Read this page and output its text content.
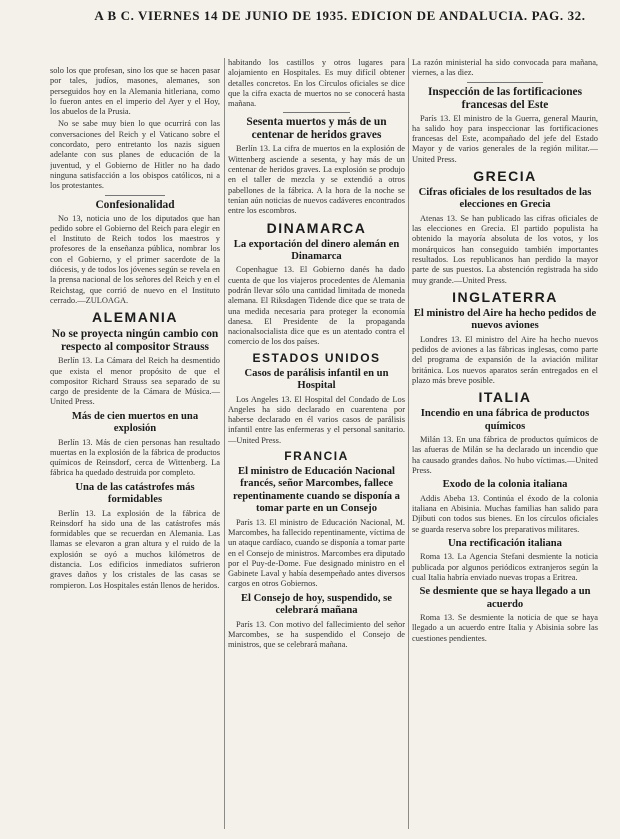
A B C. VIERNES 14 DE JUNIO DE 1935. EDICION DE ANDALUCIA. PAG. 32.

solo los que profesan, sino los que se hacen pasar por tales, judíos, masones, alemanes, son perseguidos hoy en la Alemania hitleriana, como lo fueron antes en el imperio del Ayer y el Hoy, los abuelos de la Prusia.

No se sabe muy bien lo que ocurrirá con las conversaciones del Reich y el Vaticano sobre el concordato, pero entretanto los nazis siguen adelante con sus planes de educación de la juventud, y el Gobierno de Hitler no ha dado ninguna satisfacción a los obispos católicos, ni a los protestantes.

Confesionalidad

No 13, noticia uno de los diputados que han pedido sobre el Gobierno del Reich para elegir en el Instituto de Reich todos los maestros y profesores de la enseñanza pública, nombrar los con el Gobierno, y el primer sacerdote de la diócesis, y de todos los jóvenes según se revela en la prensa nacional de los señores del Reich y en el Reichstag, que corrió de nuevo en el Instituto cerrado.—ZULOAGA.

ALEMANIA
No se proyecta ningún cambio con respecto al compositor Strauss

Berlín 13. La Cámara del Reich ha desmentido que exista el menor propósito de que el compositor Richard Strauss sea separado de su cargo de presidente de la Cámara de Música.—United Press.

Más de cien muertos en una explosión

Berlín 13. Más de cien personas han resultado muertas en la explosión de la fábrica de productos químicos de Reinsdorf, cerca de Wittenberg. La fábrica ha quedado destruida por completo.

Una de las catástrofes más formidables

Berlín 13. La explosión de la fábrica de Reinsdorf ha sido una de las catástrofes más formidables que se recuerdan en Alemania. Las llamas se elevaron a gran altura y el ruido de la explosión se oyó a muchos kilómetros de distancia. Los edificios inmediatos sufrieron graves daños y los cristales de las casas se rompieron. Los Hospitales están llenos de heridos.

habitando los castillos y otros lugares para alojamiento en Hospitales. Es muy difícil obtener detalles concretos. En los Círculos oficiales se dice que la cifra exacta de muertos no se conocerá hasta mañana.

Sesenta muertos y más de un centenar de heridos graves

Berlín 13. La cifra de muertos en la explosión de Wittenberg asciende a sesenta, y hay más de un centenar de heridos graves. La explosión se produjo en el taller de mezcla y se extendió a otros pabellones de la fábrica. A la hora de la noche se tenían aún noticias de nuevos cadáveres encontrados entre los escombros.

DINAMARCA
La exportación del dinero alemán en Dinamarca

Copenhague 13. El Gobierno danés ha dado cuenta de que los viajeros procedentes de Alemania podrán llevar sólo una cantidad limitada de moneda alemana. El Riksdagen Tidende dice que se trata de una medida necesaria para proteger la economía danesa. El Presidente de la propaganda nacionalsocialista dice que es un atentado contra el comercio de los dos países.

ESTADOS UNIDOS
Casos de parálisis infantil en un Hospital

Los Angeles 13. El Hospital del Condado de Los Angeles ha sido declarado en cuarentena por haberse declarado en él varios casos de parálisis infantil entre las enfermeras y el personal sanitario.—United Press.

FRANCIA
El ministro de Educación Nacional francés, señor Marcombes, fallece repentinamente cuando se disponía a tomar parte en un Consejo

París 13. El ministro de Educación Nacional, M. Marcombes, ha fallecido repentinamente, víctima de un ataque cardíaco, cuando se disponía a tomar parte en el Consejo de ministros. Marcombes era diputado por el Puy-de-Dome. Fue designado ministro en el Gabinete Laval y había desempeñado antes diversos cargos en otros Gobiernos.

El Consejo de hoy, suspendido, se celebrará mañana

París 13. Con motivo del fallecimiento del señor Marcombes, se ha suspendido el Consejo de ministros, que se celebrará mañana.

La razón ministerial ha sido convocada para mañana, viernes, a las diez.

Inspección de las fortificaciones francesas del Este

París 13. El ministro de la Guerra, general Maurin, ha salido hoy para inspeccionar las fortificaciones francesas del Este, acompañado del jefe del Estado Mayor y de varios generales de la región militar.—United Press.

GRECIA
Cifras oficiales de los resultados de las elecciones en Grecia

Atenas 13. Se han publicado las cifras oficiales de las elecciones en Grecia. El partido populista ha obtenido la mayoría absoluta de los votos, y los monárquicos han conseguido también importantes resultados. Los republicanos han perdido la mayor parte de sus puestos. La abstención registrada ha sido muy grande.—United Press.

INGLATERRA
El ministro del Aire ha hecho pedidos de nuevos aviones

Londres 13. El ministro del Aire ha hecho nuevos pedidos de aviones a las fábricas inglesas, como parte del programa de expansión de la aviación militar británica. Los nuevos aparatos serán entregados en el plazo más breve posible.

ITALIA
Incendio en una fábrica de productos químicos

Milán 13. En una fábrica de productos químicos de las afueras de Milán se ha declarado un incendio que ha causado grandes daños. No hubo víctimas.—United Press.

Exodo de la colonia italiana

Addis Abeba 13. Continúa el éxodo de la colonia italiana en Abisinia. Muchas familias han salido para Djibuti con todos sus bienes. En los círculos oficiales se guarda reserva sobre los preparativos militares.

Una rectificación italiana

Roma 13. La Agencia Stefani desmiente la noticia publicada por algunos periódicos extranjeros según la cual Italia habría enviado nuevas tropas a Eritrea.

Se desmiente que se haya llegado a un acuerdo

Roma 13. Se desmiente la noticia de que se haya llegado a un acuerdo entre Italia y Abisinia sobre las cuestiones pendientes.
